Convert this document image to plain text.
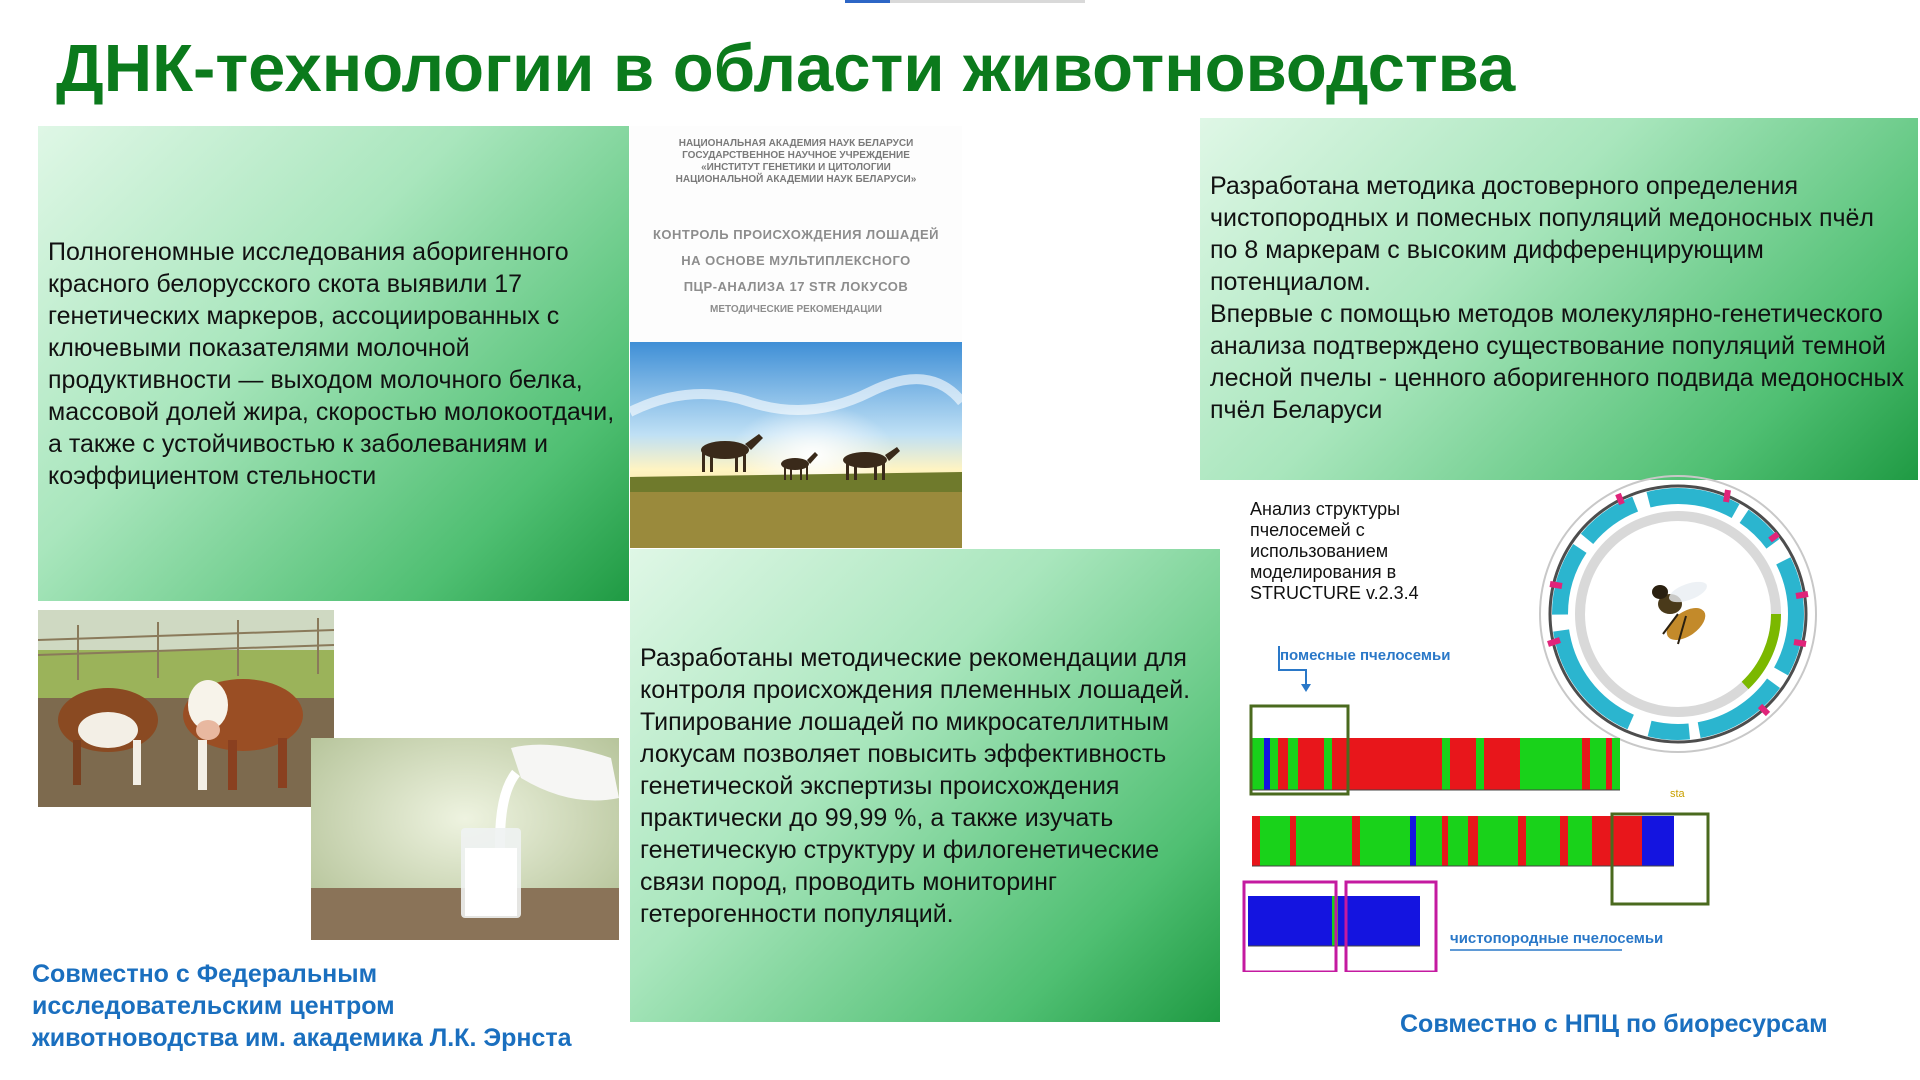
ДНК-технологии в области животноводства
Полногеномные исследования аборигенного красного белорусского скота выявили 17 генетических маркеров, ассоциированных с ключевыми показателями молочной продуктивности — выходом молочного белка, массовой долей жира, скоростью молокоотдачи, а также с устойчивостью к заболеваниям и коэффициентом стельности
НАЦИОНАЛЬНАЯ АКАДЕМИЯ НАУК БЕЛАРУСИ
ГОСУДАРСТВЕННОЕ НАУЧНОЕ УЧРЕЖДЕНИЕ
«ИНСТИТУТ ГЕНЕТИКИ И ЦИТОЛОГИИ
НАЦИОНАЛЬНОЙ АКАДЕМИИ НАУК БЕЛАРУСИ»
КОНТРОЛЬ ПРОИСХОЖДЕНИЯ ЛОШАДЕЙ
НА ОСНОВЕ МУЛЬТИПЛЕКСНОГО
ПЦР-АНАЛИЗА 17 STR ЛОКУСОВ
МЕТОДИЧЕСКИЕ РЕКОМЕНДАЦИИ
Разработаны методические рекомендации для контроля происхождения племенных лошадей. Типирование лошадей по микросателлитным локусам позволяет повысить эффективность генетической экспертизы происхождения практически до 99,99 %, а также изучать генетическую структуру и филогенетические связи пород, проводить мониторинг гетерогенности популяций.
Разработана методика достоверного определения чистопородных и помесных популяций медоносных пчёл по 8 маркерам с высоким дифференцирующим потенциалом.
Впервые с помощью методов молекулярно-генетического анализа подтверждено существование популяций темной лесной пчелы - ценного аборигенного подвида медоносных пчёл Беларуси
Анализ структуры
пчелосемей с
использованием
моделирования в
STRUCTURE v.2.3.4
помесные пчелосемьи
sta
чистопородные пчелосемьи
Совместно с Федеральным
исследовательским центром
животноводства им. академика Л.К. Эрнста	Совместно с НПЦ по биоресурсам
